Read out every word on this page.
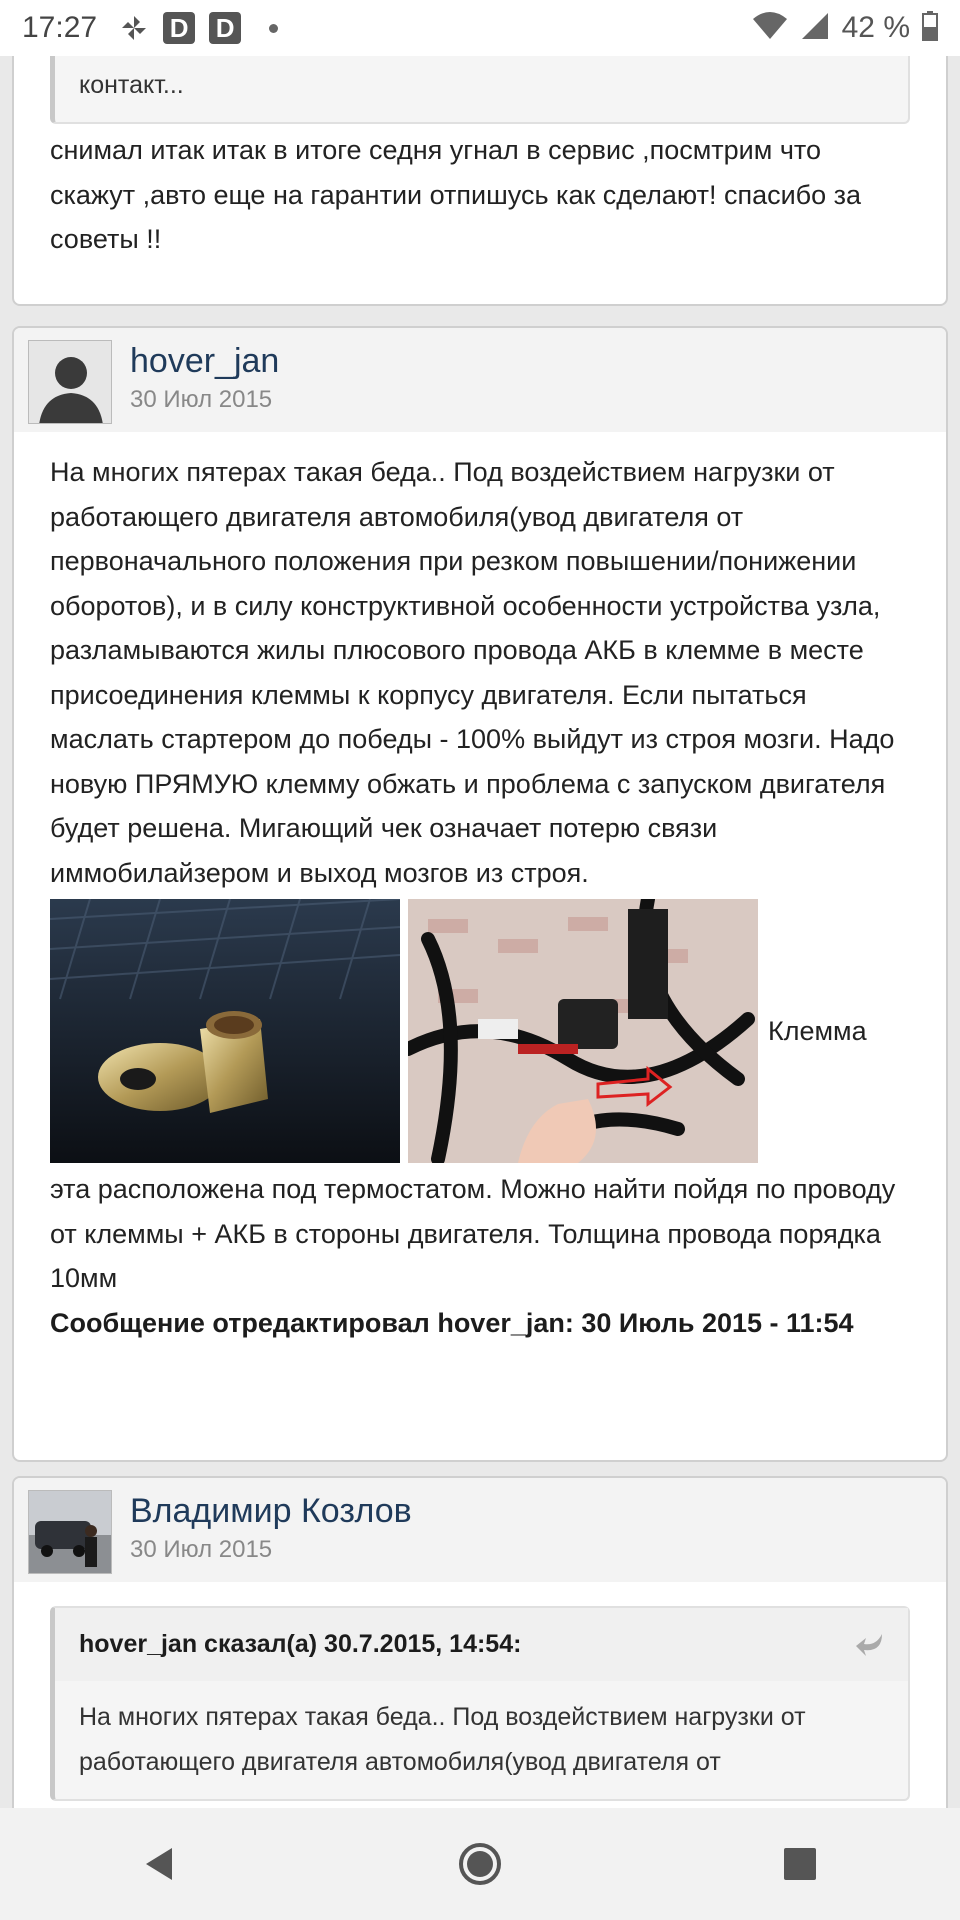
17:27	D D	42 %
контакт...
снимал итак итак в итоге седня угнал в сервис ,посмтрим что скажут ,авто еще на гарантии отпишусь как сделают! спасибо за советы !!
hover_jan
30 Июл 2015
На многих пятерах такая беда.. Под воздействием нагрузки от работающего двигателя автомобиля(увод двигателя от первоначального положения при резком повышении/понижении оборотов), и в силу конструктивной особенности устройства узла, разламываются жилы плюсового провода АКБ в клемме в месте присоединения клеммы к корпусу двигателя. Если пытаться маслать стартером до победы - 100% выйдут из строя мозги. Надо новую ПРЯМУЮ клемму обжать и проблема с запуском двигателя будет решена. Мигающий чек означает потерю связи иммобилайзером и выход мозгов из строя.
Клемма
эта расположена под термостатом. Можно найти пойдя по проводу от клеммы + АКБ в стороны двигателя. Толщина провода порядка 10мм
Сообщение отредактировал hover_jan: 30 Июль 2015 - 11:54
Владимир Козлов
30 Июл 2015
hover_jan сказал(а) 30.7.2015, 14:54:
На многих пятерах такая беда.. Под воздействием нагрузки от работающего двигателя автомобиля(увод двигателя от
